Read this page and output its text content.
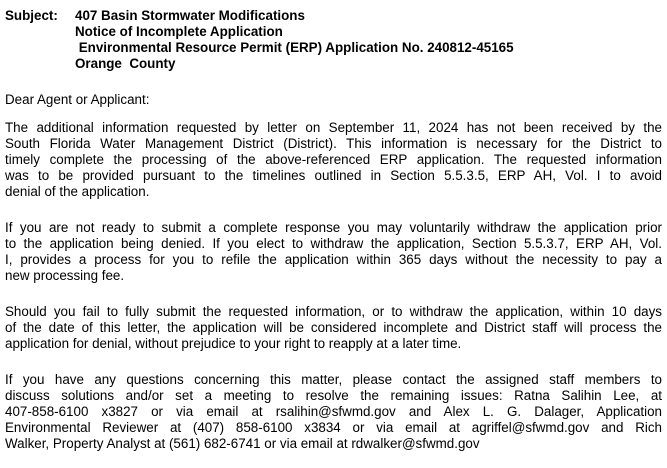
Subject:	407 Basin Stormwater Modifications
Notice of Incomplete Application
Environmental Resource Permit (ERP) Application No. 240812-45165
Orange  County
Dear Agent or Applicant:
The additional information requested by letter on September 11, 2024 has not been received by the
South Florida Water Management District (District). This information is necessary for the District to
timely complete the processing of the above-referenced ERP application. The requested information
was to be provided pursuant to the timelines outlined in Section 5.5.3.5, ERP AH, Vol. I to avoid
denial of the application.
If you are not ready to submit a complete response you may voluntarily withdraw the application prior
to the application being denied. If you elect to withdraw the application, Section 5.5.3.7, ERP AH, Vol.
I, provides a process for you to refile the application within 365 days without the necessity to pay a
new processing fee.
Should you fail to fully submit the requested information, or to withdraw the application, within 10 days
of the date of this letter, the application will be considered incomplete and District staff will process the
application for denial, without prejudice to your right to reapply at a later time.
If you have any questions concerning this matter, please contact the assigned staff members to
discuss solutions and/or set a meeting to resolve the remaining issues: Ratna Salihin Lee, at
407-858-6100 x3827 or via email at rsalihin@sfwmd.gov and Alex L. G. Dalager, Application
Environmental Reviewer at (407) 858-6100 x3834 or via email at agriffel@sfwmd.gov and Rich
Walker, Property Analyst at (561) 682-6741 or via email at rdwalker@sfwmd.gov
